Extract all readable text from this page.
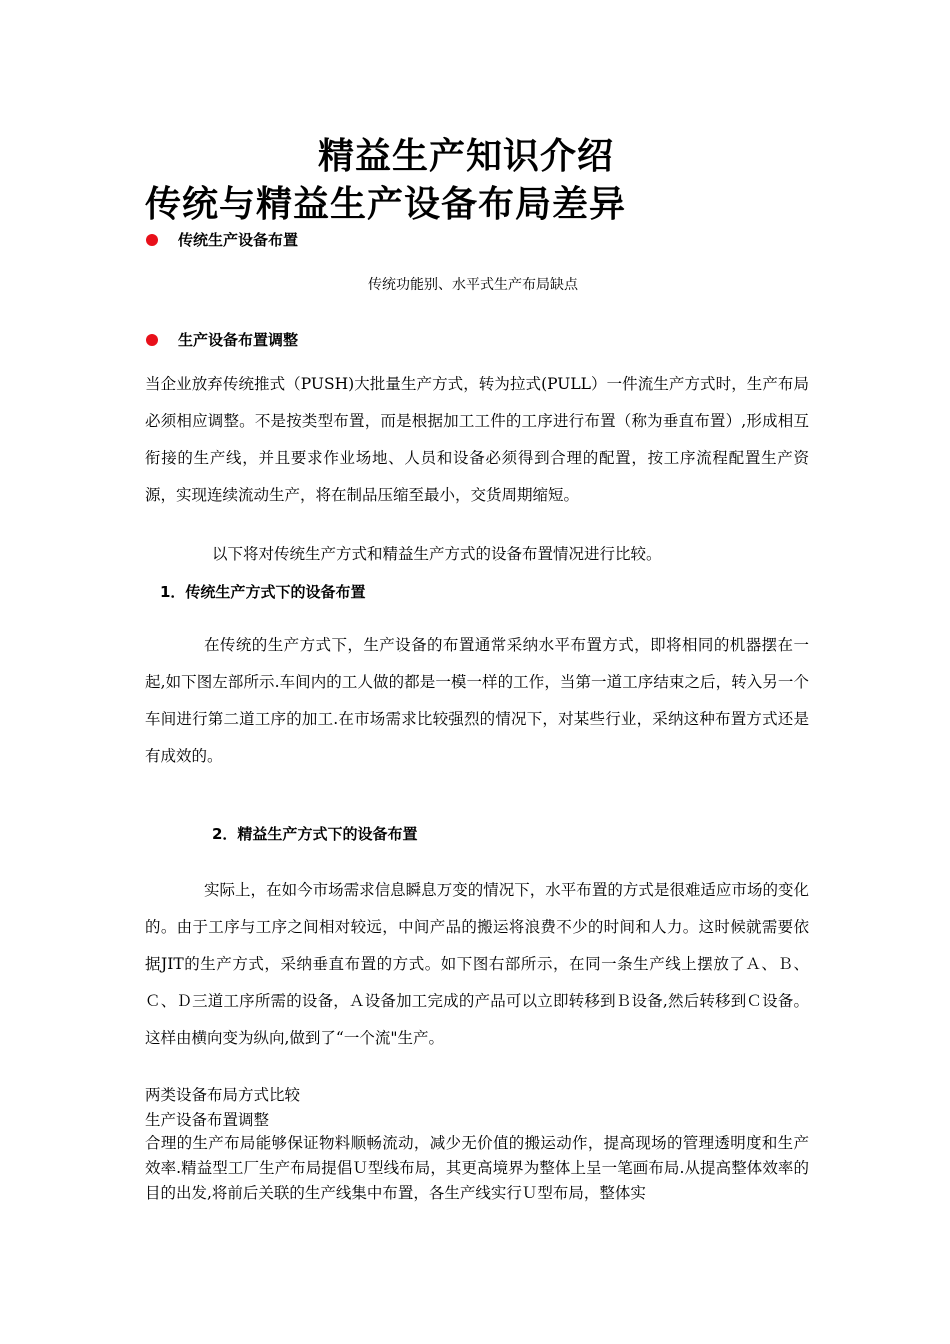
精益生产知识介绍
传统与精益生产设备布局差异
传统生产设备布置
传统功能别、水平式生产布局缺点
生产设备布置调整
当企业放弃传统推式（PUSH)大批量生产方式，转为拉式(PULL）一件流生产方式时，生产布局必须相应调整。不是按类型布置，而是根据加工工件的工序进行布置（称为垂直布置）,形成相互衔接的生产线，并且要求作业场地、人员和设备必须得到合理的配置，按工序流程配置生产资源，实现连续流动生产，将在制品压缩至最小，交货周期缩短。
以下将对传统生产方式和精益生产方式的设备布置情况进行比较。
1．传统生产方式下的设备布置
在传统的生产方式下，生产设备的布置通常采纳水平布置方式，即将相同的机器摆在一起,如下图左部所示.车间内的工人做的都是一模一样的工作，当第一道工序结束之后，转入另一个车间进行第二道工序的加工.在市场需求比较强烈的情况下，对某些行业，采纳这种布置方式还是有成效的。
2．精益生产方式下的设备布置
实际上，在如今市场需求信息瞬息万变的情况下，水平布置的方式是很难适应市场的变化的。由于工序与工序之间相对较远，中间产品的搬运将浪费不少的时间和人力。这时候就需要依据JIT的生产方式，采纳垂直布置的方式。如下图右部所示，在同一条生产线上摆放了Ａ、Ｂ、Ｃ、Ｄ三道工序所需的设备，Ａ设备加工完成的产品可以立即转移到Ｂ设备,然后转移到Ｃ设备。这样由横向变为纵向,做到了“一个流"生产。
两类设备布局方式比较
生产设备布置调整
合理的生产布局能够保证物料顺畅流动，减少无价值的搬运动作，提高现场的管理透明度和生产效率.精益型工厂生产布局提倡Ｕ型线布局，其更高境界为整体上呈一笔画布局.从提高整体效率的目的出发,将前后关联的生产线集中布置，各生产线实行Ｕ型布局，整体实
